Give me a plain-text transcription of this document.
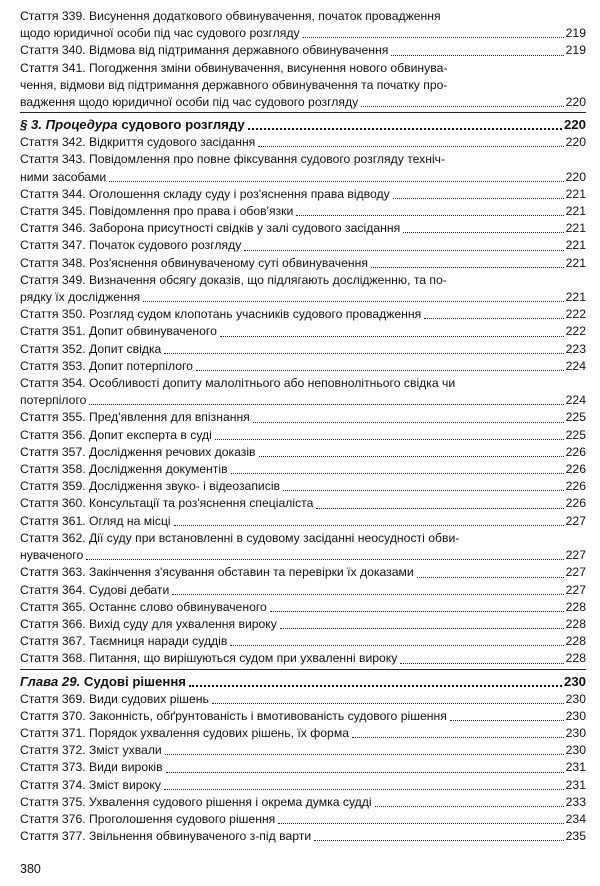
Стаття 339. Висунення додаткового обвинувачення, початок провадження
щодо юридичної особи під час судового розгляду	219
Стаття 340. Відмова від підтримання державного обвинувачення	219
Стаття 341. Погодження зміни обвинувачення, висунення нового обвинува-
чення, відмови від підтримання державного обвинувачення та початку про-
вадження щодо юридичної особи під час судового розгляду	220
§ 3. Процедура судового розгляду	220
Стаття 342. Відкриття судового засідання	220
Стаття 343. Повідомлення про повне фіксування судового розгляду техніч-
ними засобами	220
Стаття 344. Оголошення складу суду і роз'яснення права відводу	221
Стаття 345. Повідомлення про права і обов'язки	221
Стаття 346. Заборона присутності свідків у залі судового засідання	221
Стаття 347. Початок судового розгляду	221
Стаття 348. Роз'яснення обвинуваченому суті обвинувачення	221
Стаття 349. Визначення обсягу доказів, що підлягають дослідженню, та по-
рядку їх дослідження	221
Стаття 350. Розгляд судом клопотань учасників судового провадження	222
Стаття 351. Допит обвинуваченого	222
Стаття 352. Допит свідка	223
Стаття 353. Допит потерпілого	224
Стаття 354. Особливості допиту малолітнього або неповнолітнього свідка чи
потерпілого	224
Стаття 355. Пред'явлення для впізнання	225
Стаття 356. Допит експерта в суді	225
Стаття 357. Дослідження речових доказів	226
Стаття 358. Дослідження документів	226
Стаття 359. Дослідження звуко- і відеозаписів	226
Стаття 360. Консультації та роз'яснення спеціаліста	226
Стаття 361. Огляд на місці	227
Стаття 362. Дії суду при встановленні в судовому засіданні неосудності обви-
нуваченого	227
Стаття 363. Закінчення з'ясування обставин та перевірки їх доказами	227
Стаття 364. Судові дебати	227
Стаття 365. Останнє слово обвинуваченого	228
Стаття 366. Вихід суду для ухвалення вироку	228
Стаття 367. Таємниця наради суддів	228
Стаття 368. Питання, що вирішуються судом при ухваленні вироку	228
Глава 29. Судові рішення	230
Стаття 369. Види судових рішень	230
Стаття 370. Законність, обґрунтованість і вмотивованість судового рішення	230
Стаття 371. Порядок ухвалення судових рішень, їх форма	230
Стаття 372. Зміст ухвали	230
Стаття 373. Види вироків	231
Стаття 374. Зміст вироку	231
Стаття 375. Ухвалення судового рішення і окрема думка судді	233
Стаття 376. Проголошення судового рішення	234
Стаття 377. Звільнення обвинуваченого з-під варти	235
380
